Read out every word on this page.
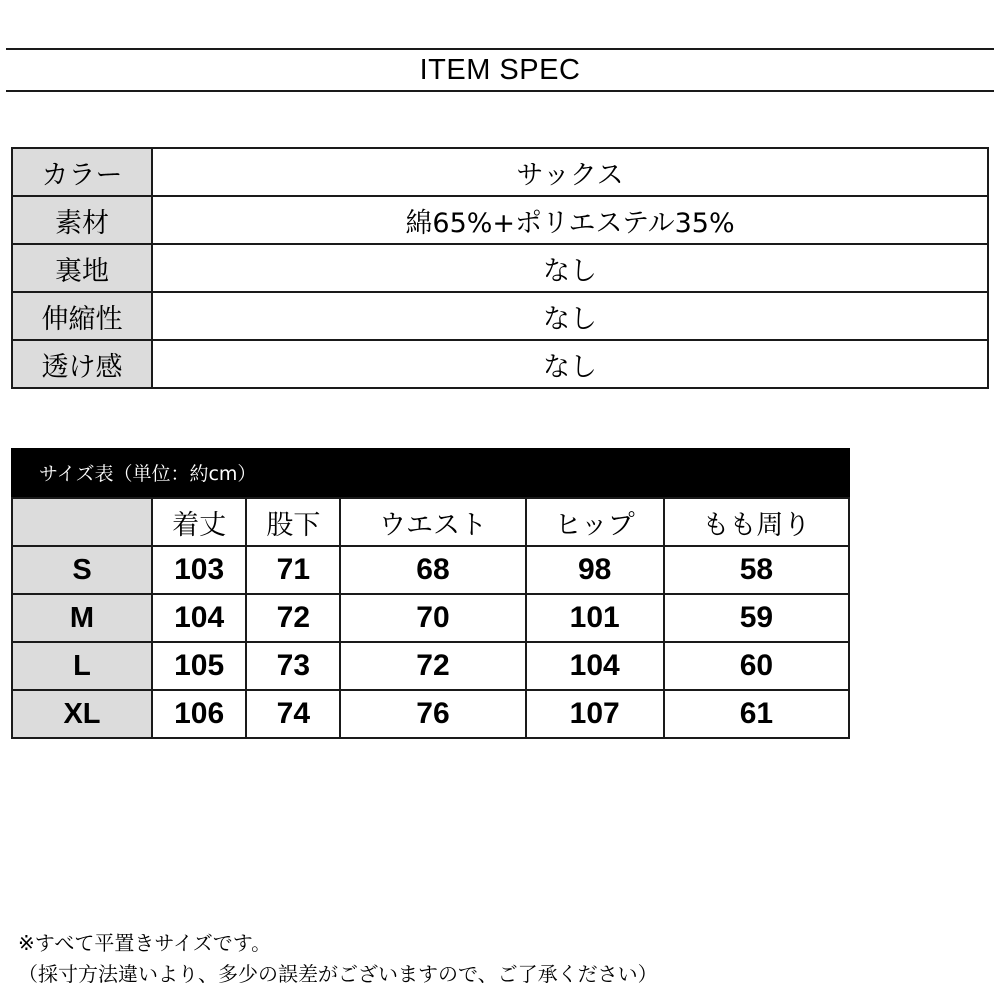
ITEM SPEC
カラー	サックス
素材	綿65%+ポリエステル35%
裏地	なし
伸縮性	なし
透け感	なし
サイズ表（単位：約cm）
	着丈	股下	ウエスト	ヒップ	もも周り
S	103	71	68	98	58
M	104	72	70	101	59
L	105	73	72	104	60
XL	106	74	76	107	61

※すべて平置きサイズです。

（採寸方法違いより、多少の誤差がございますので、ご了承ください）
